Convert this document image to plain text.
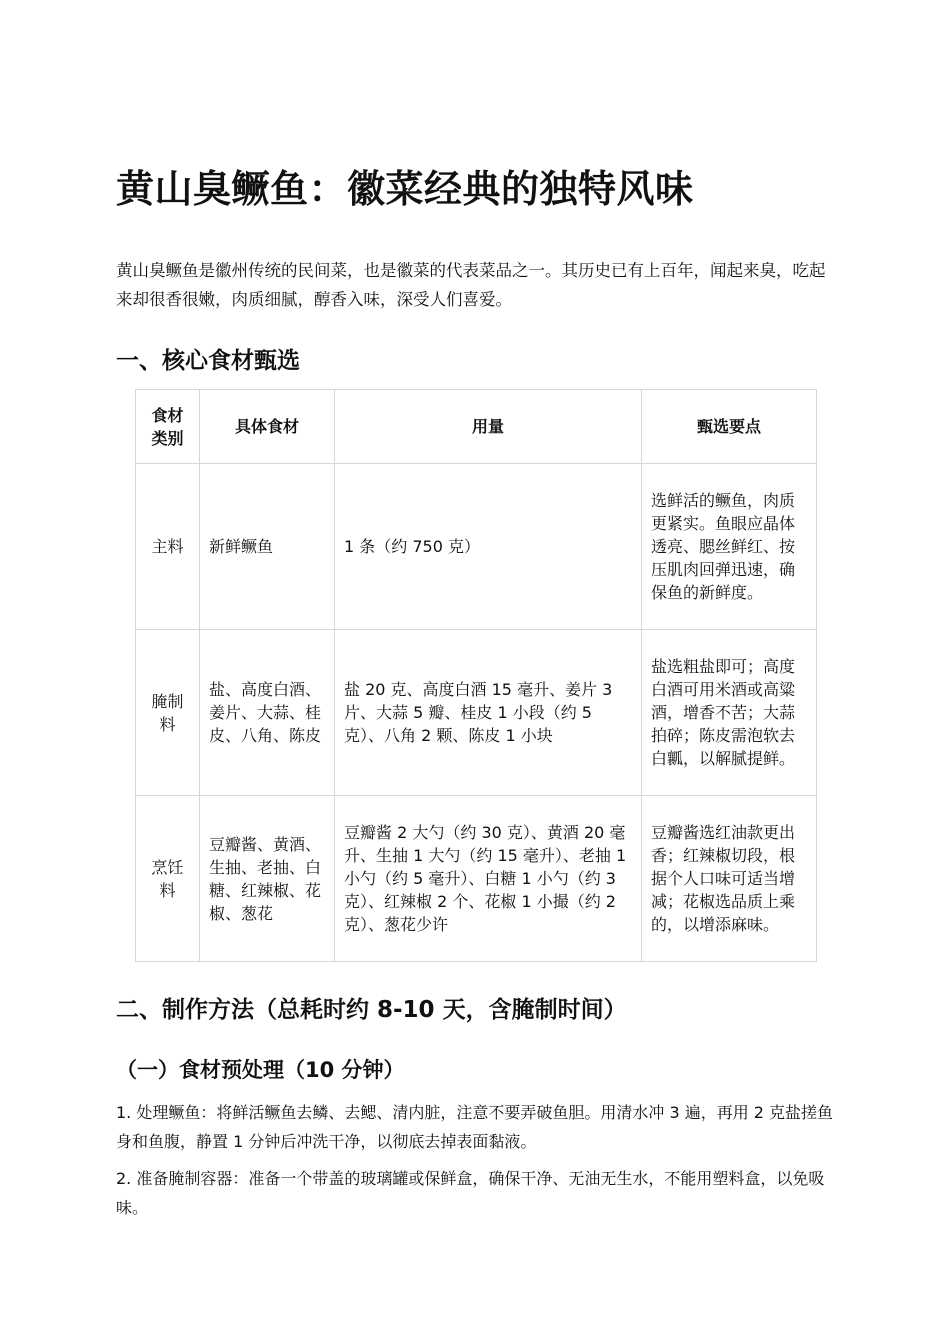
黄山臭鳜鱼：徽菜经典的独特风味

黄山臭鳜鱼是徽州传统的民间菜，也是徽菜的代表菜品之一。其历史已有上百年，闻起来臭，吃起来却很香很嫩，肉质细腻，醇香入味，深受人们喜爱。

一、核心食材甄选
食材类别	具体食材	用量	甄选要点
主料	新鲜鳜鱼	1 条（约 750 克）	选鲜活的鳜鱼，肉质更紧实。鱼眼应晶体透亮、腮丝鲜红、按压肌肉回弹迅速，确保鱼的新鲜度。
腌制料	盐、高度白酒、姜片、大蒜、桂皮、八角、陈皮	盐 20 克、高度白酒 15 毫升、姜片 3 片、大蒜 5 瓣、桂皮 1 小段（约 5 克）、八角 2 颗、陈皮 1 小块	盐选粗盐即可；高度白酒可用米酒或高粱酒，增香不苦；大蒜拍碎；陈皮需泡软去白瓤，以解腻提鲜。
烹饪料	豆瓣酱、黄酒、生抽、老抽、白糖、红辣椒、花椒、葱花	豆瓣酱 2 大勺（约 30 克）、黄酒 20 毫升、生抽 1 大勺（约 15 毫升）、老抽 1 小勺（约 5 毫升）、白糖 1 小勺（约 3 克）、红辣椒 2 个、花椒 1 小撮（约 2 克）、葱花少许	豆瓣酱选红油款更出香；红辣椒切段，根据个人口味可适当增减；花椒选品质上乘的，以增添麻味。
二、制作方法（总耗时约 8-10 天，含腌制时间）
（一）食材预处理（10 分钟）

1. 处理鳜鱼：将鲜活鳜鱼去鳞、去鳃、清内脏，注意不要弄破鱼胆。用清水冲 3 遍，再用 2 克盐搓鱼身和鱼腹，静置 1 分钟后冲洗干净，以彻底去掉表面黏液。

2. 准备腌制容器：准备一个带盖的玻璃罐或保鲜盒，确保干净、无油无生水，不能用塑料盒，以免吸味。
